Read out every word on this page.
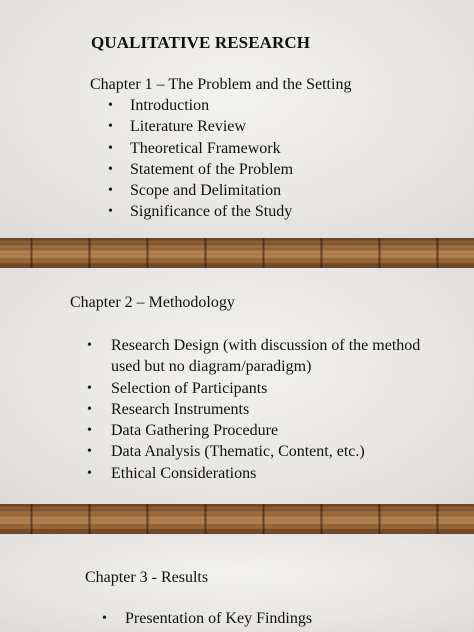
QUALITATIVE RESEARCH
Chapter 1 – The Problem and the Setting
• Introduction
• Literature Review
• Theoretical Framework
• Statement of the Problem
• Scope and Delimitation
• Significance of the Study
Chapter 2 – Methodology
• Research Design (with discussion of the method used but no diagram/paradigm)
• Selection of Participants
• Research Instruments
• Data Gathering Procedure
• Data Analysis (Thematic, Content, etc.)
• Ethical Considerations
Chapter 3 - Results
• Presentation of Key Findings
